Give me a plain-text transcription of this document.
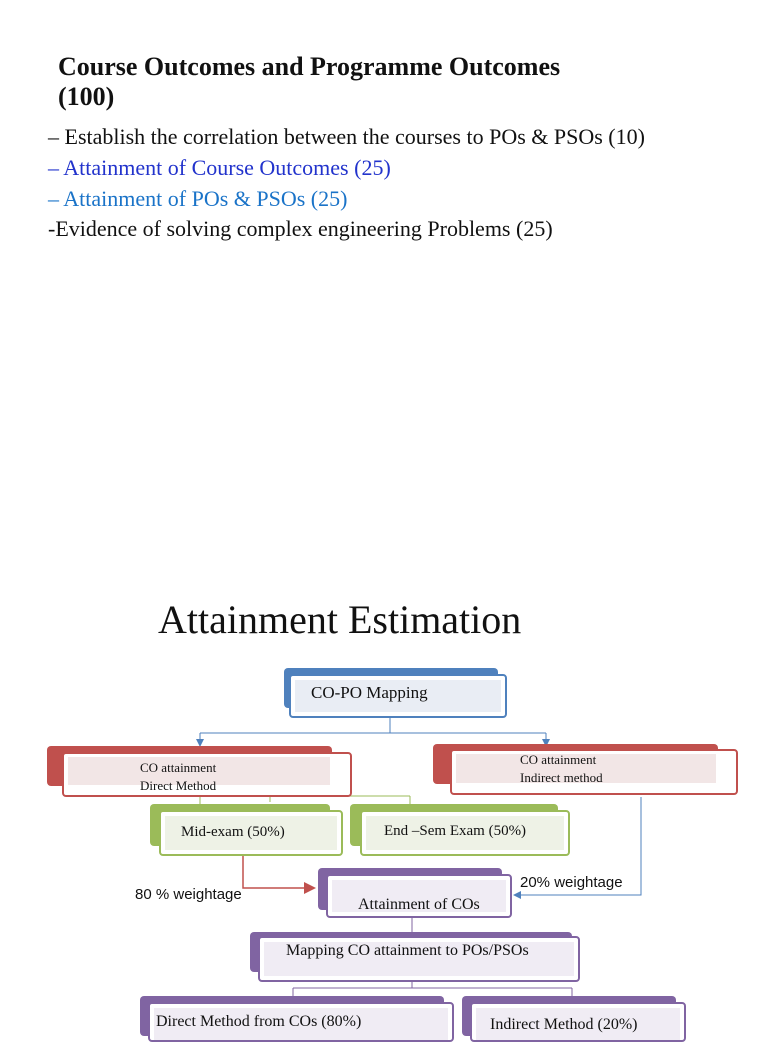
Course Outcomes and Programme Outcomes
(100)
– Establish the correlation between the courses to POs & PSOs (10)
– Attainment of Course Outcomes (25)
– Attainment of POs & PSOs (25)
-Evidence of solving complex engineering Problems (25)
Attainment Estimation
CO-PO Mapping
CO attainment
Direct Method
CO attainment
Indirect method
Mid-exam (50%)	End –Sem Exam (50%)
80 % weightage
20% weightage
Attainment of COs
Mapping CO attainment to POs/PSOs
Direct Method from COs (80%)	Indirect Method (20%)
